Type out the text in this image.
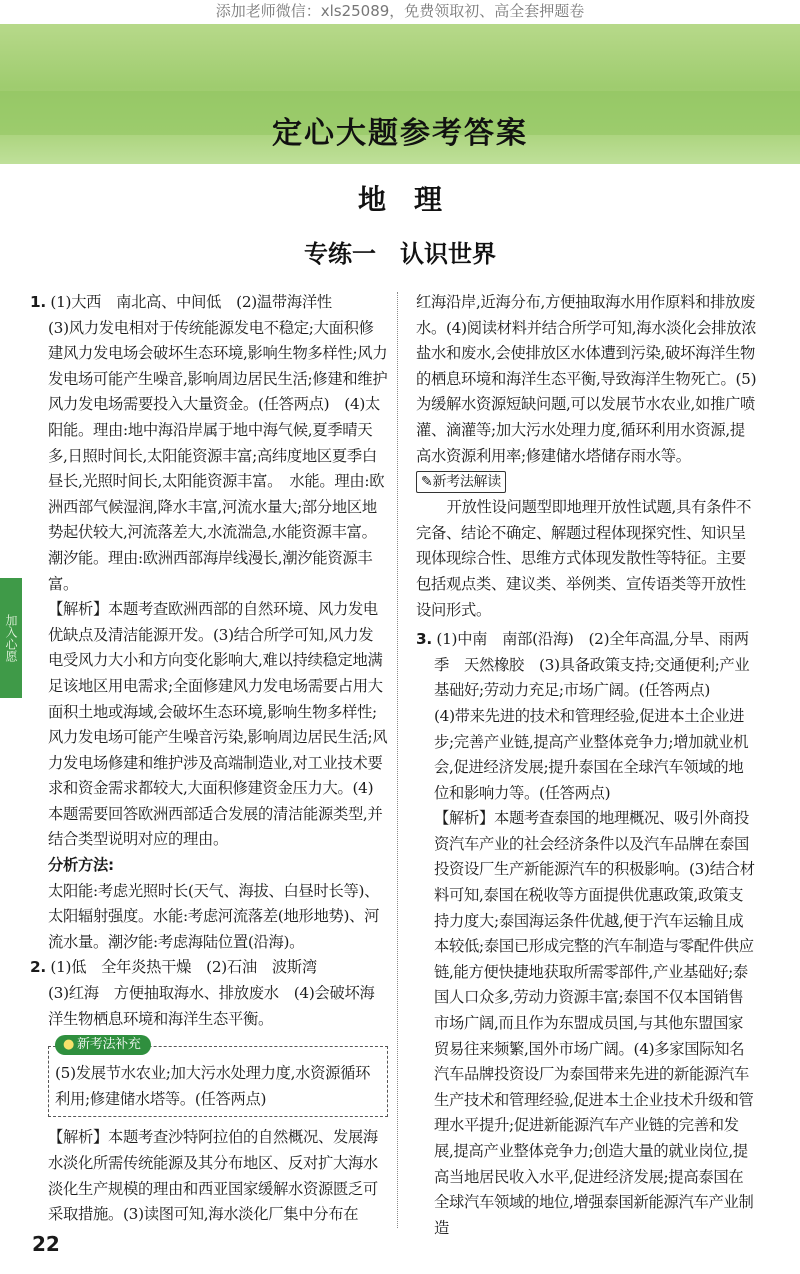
添加老师微信：xls25089，免费领取初、高全套押题卷
定心大题参考答案
地　理
专练一　认识世界
加入心愿

1. (1)大西　南北高、中间低　(2)温带海洋性

(3)风力发电相对于传统能源发电不稳定;大面积修建风力发电场会破坏生态环境,影响生物多样性;风力发电场可能产生噪音,影响周边居民生活;修建和维护风力发电场需要投入大量资金。(任答两点)　(4)太阳能。理由:地中海沿岸属于地中海气候,夏季晴天多,日照时间长,太阳能资源丰富;高纬度地区夏季白昼长,光照时间长,太阳能资源丰富。　水能。理由:欧洲西部气候湿润,降水丰富,河流水量大;部分地区地势起伏较大,河流落差大,水流湍急,水能资源丰富。　潮汐能。理由:欧洲西部海岸线漫长,潮汐能资源丰富。

【解析】本题考查欧洲西部的自然环境、风力发电优缺点及清洁能源开发。(3)结合所学可知,风力发电受风力大小和方向变化影响大,难以持续稳定地满足该地区用电需求;全面修建风力发电场需要占用大面积土地或海域,会破坏生态环境,影响生物多样性;风力发电场可能产生噪音污染,影响周边居民生活;风力发电场修建和维护涉及高端制造业,对工业技术要求和资金需求都较大,大面积修建资金压力大。(4)本题需要回答欧洲西部适合发展的清洁能源类型,并结合类型说明对应的理由。

分析方法:

太阳能:考虑光照时长(天气、海拔、白昼时长等)、太阳辐射强度。水能:考虑河流落差(地形地势)、河流水量。潮汐能:考虑海陆位置(沿海)。

2. (1)低　全年炎热干燥　(2)石油　波斯湾

(3)红海　方便抽取海水、排放废水　(4)会破坏海洋生物栖息环境和海洋生态平衡。

● 新考法补充

(5)发展节水农业;加大污水处理力度,水资源循环利用;修建储水塔等。(任答两点)

【解析】本题考查沙特阿拉伯的自然概况、发展海水淡化所需传统能源及其分布地区、反对扩大海水淡化生产规模的理由和西亚国家缓解水资源匮乏可采取措施。(3)读图可知,海水淡化厂集中分布在

红海沿岸,近海分布,方便抽取海水用作原料和排放废水。(4)阅读材料并结合所学可知,海水淡化会排放浓盐水和废水,会使排放区水体遭到污染,破坏海洋生物的栖息环境和海洋生态平衡,导致海洋生物死亡。(5)为缓解水资源短缺问题,可以发展节水农业,如推广喷灌、滴灌等;加大污水处理力度,循环利用水资源,提高水资源利用率;修建储水塔储存雨水等。

✎新考法解读

开放性设问题型即地理开放性试题,具有条件不完备、结论不确定、解题过程体现探究性、知识呈现体现综合性、思维方式体现发散性等特征。主要包括观点类、建议类、举例类、宣传语类等开放性设问形式。

3. (1)中南　南部(沿海)　(2)全年高温,分旱、雨两季　天然橡胶　(3)具备政策支持;交通便利;产业基础好;劳动力充足;市场广阔。(任答两点)

(4)带来先进的技术和管理经验,促进本土企业进步;完善产业链,提高产业整体竞争力;增加就业机会,促进经济发展;提升泰国在全球汽车领域的地位和影响力等。(任答两点)

【解析】本题考查泰国的地理概况、吸引外商投资汽车产业的社会经济条件以及汽车品牌在泰国投资设厂生产新能源汽车的积极影响。(3)结合材料可知,泰国在税收等方面提供优惠政策,政策支持力度大;泰国海运条件优越,便于汽车运输且成本较低;泰国已形成完整的汽车制造与零配件供应链,能方便快捷地获取所需零部件,产业基础好;泰国人口众多,劳动力资源丰富;泰国不仅本国销售市场广阔,而且作为东盟成员国,与其他东盟国家贸易往来频繁,国外市场广阔。(4)多家国际知名汽车品牌投资设厂为泰国带来先进的新能源汽车生产技术和管理经验,促进本土企业技术升级和管理水平提升;促进新能源汽车产业链的完善和发展,提高产业整体竞争力;创造大量的就业岗位,提高当地居民收入水平,促进经济发展;提高泰国在全球汽车领域的地位,增强泰国新能源汽车产业制造

22
